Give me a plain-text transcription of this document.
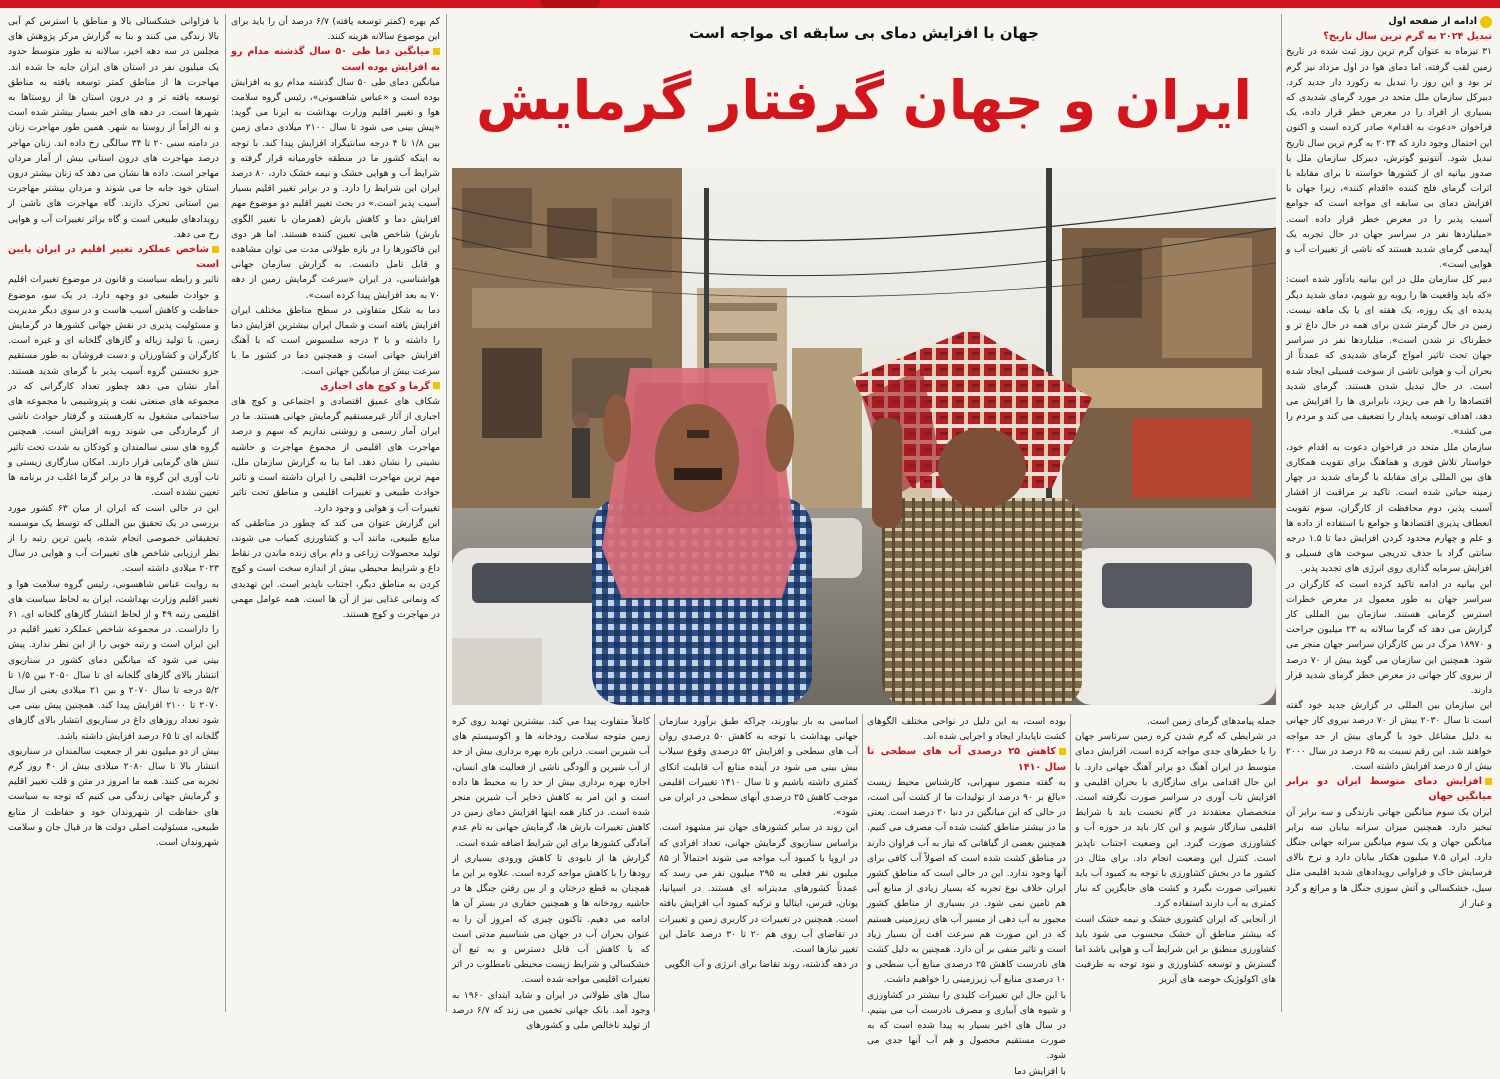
ادامه از صفحه اول

تبدیل ۲۰۲۴ به گرم ترین سال تاریخ؟

۳۱ تیرماه به عنوان گرم ترین روز ثبت شده در تاریخ زمین لقب گرفته، اما دمای هوا در اول مرداد نیز گرم تر بود و این روز را تبدیل به رکورد دار جدید کرد. دبیرکل سازمان ملل متحد در مورد گرمای شدیدی که بسیاری از افراد را در معرض خطر قرار داده، یک فراخوان «دعوت به اقدام» صادر کرده است و اکنون این احتمال وجود دارد که ۲۰۲۴ به گرم ترین سال تاریخ تبدیل شود. آنتونیو گوترش، دبیرکل سازمان ملل با صدور بیانیه ای از کشورها خواسته تا برای مقابله با اثرات گرمای فلج کننده «اقدام کنند»، زیرا جهان با افزایش دمای بی سابقه ای مواجه است که جوامع آسیب پذیر را در معرض خطر قرار داده است. «میلیاردها نفر در سراسر جهان در حال تجربه یک آپیدمی گرمای شدید هستند که ناشی از تغییرات آب و هوایی است».

دبیر کل سازمان ملل در این بیانیه یادآور شده است: «که باید واقعیت ها را روبه رو شویم، دمای شدید دیگر پدیده ای یک روزه، یک هفته ای یا یک ماهه نیست. زمین در حال گرمتر شدن برای همه در حال داغ تر و خطرناک تر شدن است». میلیاردها نفر در سراسر جهان تحت تاثیر امواج گرمای شدیدی که عمدتاً از بحران آب و هوایی ناشی از سوخت فسیلی ایجاد شده است. در حال تبدیل شدن هستند. گرمای شدید اقتصادها را هم می ریزد، نابرابری ها را افزایش می دهد، اهداف توسعه پایدار را تضعیف می کند و مردم را می کشد».

سازمان ملل متحد در فراخوان دعوت به اقدام خود، خواستار تلاش فوری و هماهنگ برای تقویت همکاری های بین المللی برای مقابله با گرمای شدید در چهار زمینه حیاتی شده است. تاکید بر مراقبت از اقشار آسیب پذیر، دوم محافظت از کارگران، سوم تقویت انعطاف پذیری اقتصادها و جوامع با استفاده از داده ها و علم و چهارم محدود کردن افزایش دما تا ۱.۵ درجه سانتی گراد با حذف تدریجی سوخت های فسیلی و افزایش سرمایه گذاری روی انرژی های تجدید پذیر.

این بیانیه در ادامه تاکید کرده است که کارگران در سراسر جهان به طور معمول در معرض خطرات استرس گرمایی هستند. سازمان بین المللی کار گزارش می دهد که گرما سالانه به ۲۳ میلیون جراحت و ۱۸۹۷۰ مرگ در بین کارگران سراسر جهان منجر می شود. همچنین این سازمان می گوید بیش از ۷۰ درصد از نیروی کار جهانی در معرض خطر گرمای شدید قرار دارند.

این سازمان بین المللی در گزارش جدید خود گفته است تا سال ۲۰۳۰ بیش از ۷۰ درصد نیروی کار جهانی به دلیل مشاغل خود با گرمای بیش از حد مواجه خواهند شد. این رقم نسبت به ۶۵ درصد در سال ۲۰۰۰ بیش از ۵ درصد افزایش داشته است.

افزایش دمای متوسط ایران دو برابر میانگین جهان

ایران یک سوم میانگین جهانی بارندگی و سه برابر آن تبخیر دارد. همچنین میزان سرانه بیابان سه برابر میانگین جهان و یک سوم میانگین سرانه جهانی جنگل دارد. ایران ۷.۵ میلیون هکتار بیابان دارد و نرخ بالای فرسایش خاک و فراوانی رویدادهای شدید اقلیمی مثل سیل، خشکسالی و آتش سوزی جنگل ها و مراتع و گرد و غبار از

جهان با افزایش دمای بی سابقه ای مواجه است
ایران و جهان گرفتار گرمایش

جمله پیامدهای گرمای زمین است.

در شرایطی که گرم شدن کره زمین سرتاسر جهان را با خطرهای جدی مواجه کرده است، افزایش دمای متوسط در ایران آهنگ دو برابر آهنگ جهانی دارد. با این حال اقدامی برای سازگاری با بحران اقلیمی و افزایش تاب آوری در سراسر صورت نگرفته است. متخصصان معتقدند در گام نخست باید با شرایط اقلیمی سازگار شویم و این کار باید در حوزه آب و کشاورزی صورت گیرد. این وضعیت اجتناب ناپذیر است. کنترل این وضعیت انجام داد. برای مثال در کشور ما در بخش کشاورزی با توجه به کمبود آب باید تغییراتی صورت بگیرد و کشت های جایگزین که نیاز کمتری به آب دارند استفاده کرد.

از آنجایی که ایران کشوری خشک و نیمه خشک است که بیشتر مناطق آن خشک محسوب می شود باید کشاورزی منطبق بر این شرایط آب و هوایی باشد اما گسترش و توسعه کشاورزی و نبود توجه به ظرفیت های اکولوژیک حوضه های آبریز

بوده است، به این دلیل در نواحی مختلف الگوهای کشت ناپایدار ایجاد و اجرایی شده اند.

کاهش ۲۵ درصدی آب های سطحی تا سال ۱۴۱۰

به گفته منصور سهرابی، کارشناس محیط زیست «بالغ بر ۹۰ درصد از تولیدات ما از کشت آبی است، در حالی که این میانگین در دنیا ۲۰ درصد است. یعنی ما در بیشتر مناطق کشت شده آب مصرف می کنیم. همچنین بعضی از گیاهانی که نیاز به آب فراوان دارند در مناطق کشت شده است که اصولاً آب کافی برای آنها وجود ندارد. این در حالی است که مناطق کشور ایران خلاف نوع تجربه که بسیار زیادی از منابع آبی هم تامین نمی شود. در بسیاری از مناطق کشور مجبور به آب دهی از مسیر آب های زیرزمینی هستیم که در این صورت هم سرعت افت آن بسیار زیاد است و تاثیر منفی بر آن دارد. همچنین به دلیل کشت های نادرست کاهش ۲۵ درصدی منابع آب سطحی و ۱۰ درصدی منابع آب زیرزمینی را خواهیم داشت.

با این حال این تغییرات کلیدی را بیشتر در کشاورزی و شیوه های آبیاری و مصرف نادرست آب می بینیم. در سال های اخیر بسیار به پیدا شده است که به صورت مستقیم محصول و هم آب آنها جدی می شود.

با افزایش دما

اساسی به بار بیاورند، چراکه طبق برآورد سازمان جهانی بهداشت با توجه به کاهش ۵۰ درصدی روان آب های سطحی و افزایش ۵۲ درصدی وقوع سیلاب بیش بینی می شود در آینده منابع آب قابلیت اتکای کمتری داشته باشیم و تا سال ۱۴۱۰ تغییرات اقلیمی موجب کاهش ۲۵ درصدی آبهای سطحی در ایران می شود».

این روند در سایر کشورهای جهان نیز مشهود است. براساس سناریوی گرمایش جهانی، تعداد افرادی که در اروپا با کمبود آب مواجه می شوند احتمالاً از ۸۵ میلیون نفر فعلی به ۲۹۵ میلیون نفر می رسد که عمدتاً کشورهای مدیترانه ای هستند. در اسپانیا، یونان، قبرس، ایتالیا و ترکیه کمبود آب افزایش یافته است. همچنین در تغییرات در کاربری زمین و تغییرات در تقاضای آب روی هم ۲۰ تا ۳۰ درصد عامل این تغییر نیازها است.

در دهه گذشته، روند تقاضا برای انرژی و آب الگویی

کاملاً متفاوت پیدا می کند. بیشترین تهدید روی کره زمین متوجه سلامت رودخانه ها و اکوسیستم های آب شیرین است. دراین باره بهره برداری بیش از حد از آب شیرین و آلودگی ناشی از فعالیت های انسان، اجازه بهره برداری بیش از حد را به محیط ها داده است و این امر به کاهش ذخایر آب شیرین منجر شده است. در کنار همه اینها افزایش دمای زمین در کاهش تغییرات بارش ها، گرمایش جهانی به نام عدم آمادگی کشورها برای این شرایط اضافه شده است.

گزارش ها از نابودی تا کاهش ورودی بسیاری از رودها را با کاهش مواجه کرده است. علاوه بر این ما همچنان به قطع درختان و از بین رفتن جنگل ها در حاشیه رودخانه ها و همچنین حفاری در بستر آن ها ادامه می دهیم. تاکنون چیزی که امروز آن را به عنوان بحران آب در جهان می شناسیم مدتی است که با کاهش آب قابل دسترس و به تبع آن خشکسالی و شرایط زیست محیطی نامطلوب در اثر تغییرات اقلیمی مواجه شده است.

سال های طولانی در ایران و شاید ابتدای ۱۹۶۰ به وجود آمد. بانک جهانی تخمین می زند که ۶/۷ درصد از تولید ناخالص ملی و کشورهای

کم بهره (کمتر توسعه یافته) ۶/۷ درصد آن را باید برای این موضوع سالانه هزینه کنند.

میانگین دما طی ۵۰ سال گذشته مدام رو به افزایش بوده است

میانگین دمای طی ۵۰ سال گذشته مدام رو به افزایش بوده است و «عباس شاهسونی»، رئیس گروه سلامت هوا و تغییر اقلیم وزارت بهداشت به ایرنا می گوید: «پیش بینی می شود تا سال ۲۱۰۰ میلادی دمای زمین بین ۱/۸ تا ۴ درجه سانتیگراد افزایش پیدا کند. با توجه به اینکه کشور ما در منطقه خاورمیانه قرار گرفته و شرایط آب و هوایی خشک و نیمه خشک دارد، ۸۰ درصد ایران این شرایط را دارد. و در برابر تغییر اقلیم بسیار آسیب پذیر است.» در بحث تغییر اقلیم دو موضوع مهم افزایش دما و کاهش بارش (همزمان با تغییر الگوی بارش) شاخص هایی تعیین کننده هستند. اما هر دوی این فاکتورها را در بازه طولانی مدت می توان مشاهده و قابل تامل دانست. به گزارش سازمان جهانی هواشناسی، در ایران «سرعت گرمایش زمین از دهه ۷۰ به بعد افزایش پیدا کرده است».

دما به شکل متفاوتی در سطح مناطق مختلف ایران افزایش یافته است و شمال ایران بیشترین افزایش دما را داشته و با ۲ درجه سلسیوس است که با آهنگ افزایش جهانی است و همچنین دما در کشور ما با سرعت بیش از میانگین جهانی است.

گرما و کوچ های اجباری

شکاف های عمیق اقتصادی و اجتماعی و کوچ های اجباری از آثار غیرمستقیم گرمایش جهانی هستند. ما در ایران آمار رسمی و روشنی نداریم که سهم و درصد مهاجرت های اقلیمی از مجموع مهاجرت و حاشیه نشینی را نشان دهد. اما بنا به گزارش سازمان ملل، مهم ترین مهاجرت اقلیمی را ایران داشته است و تاثیر حوادث طبیعی و تغییرات اقلیمی و مناطق تحت تاثیر تغییرات آب و هوایی و وجود دارد.

این گزارش عنوان می کند که چطور در مناطقی که منابع طبیعی، مانند آب و کشاورزی کمیاب می شوند، تولید محصولات زراعی و دام برای زنده ماندن در نقاط داغ و شرایط محیطی بیش از اندازه سخت است و کوچ کردن به مناطق دیگر، اجتناب ناپذیر است. این تهدیدی که ونمانی غذایی نیز از آن ها است. همه عوامل مهمی در مهاجرت و کوچ هستند.

با فراوانی خشکسالی بالا و مناطق با استرس کم آبی بالا زندگی می کنند و بنا به گزارش مرکز پژوهش های مجلس در سه دهه اخیر، سالانه به طور متوسط حدود یک میلیون نفر در استان های ایران جابه جا شده اند. مهاجرت ها از مناطق کمتر توسعه یافته به مناطق توسعه یافته تر و در درون استان ها از روستاها به شهرها است. در دهه های اخیر بسیار بیشتر شده است و نه الزاماً از روستا به شهر. همین طور مهاجرت زنان در دامنه سنی ۲۰ تا ۳۴ سالگی رخ داده اند. زنان مهاجر درصد مهاجرت های درون استانی بیش از آمار مردان مهاجر است. داده ها نشان می دهد که زنان بیشتر درون استان خود جابه جا می شوند و مردان بیشتر مهاجرت بین استانی تحرک دارند. گاه مهاجرت های ناشی از رویدادهای طبیعی است و گاه براثر تغییرات آب و هوایی رخ می دهد.

شاخص عملکرد تغییر اقلیم در ایران پایین است

تاثیر و رابطه سیاست و قانون در موضوع تغییرات اقلیم و حوادث طبیعی دو وجهه دارد. در یک سو، موضوع حفاظت و کاهش آسیب هاست و در سوی دیگر مدیریت و مسئولیت پذیری در نقش جهانی کشورها در گرمایش زمین. با تولید زباله و گازهای گلخانه ای و غیره است. کارگران و کشاورزان و دست فروشان به طور مستقیم جزو نخستین گروه آسیب پذیر با گرمای شدید هستند. آمار نشان می دهد چطور تعداد کارگرانی که در مجموعه های صنعتی نفت و پتروشیمی با مجموعه های ساختمانی مشغول به کارهستند و گرفتار حوادث ناشی از گرمازدگی می شوند روبه افزایش است. همچنین گروه های سنی سالمندان و کودکان به شدت تحت تاثیر تنش های گرمایی قرار دارند. امکان سازگاری زیستی و تاب آوری این گروه ها در برابر گرما اغلب در برنامه ها تعیین نشده است.

این در حالی است که ایران از میان ۶۳ کشور مورد بررسی در یک تحقیق بین المللی که توسط یک موسسه تحقیقاتی خصوصی انجام شده، پایین ترین رتبه را از نظر ارزیابی شاخص های تغییرات آب و هوایی در سال ۲۰۲۳ میلادی داشته است.

به روایت عباس شاهسونی، رئیس گروه سلامت هوا و تغییر اقلیم وزارت بهداشت، ایران به لحاظ سیاست های اقلیمی رتبه ۴۹ و از لحاظ انتشار گازهای گلخانه ای، ۶۱ را داراست. در مجموعه شاخص عملکرد تغییر اقلیم در این ایران است و رتبه خوبی را از این نظر ندارد. پیش بینی می شود که میانگین دمای کشور در سناریوی انتشار بالای گازهای گلخانه ای تا سال ۲۰۵۰ بین ۱/۵ تا ۵/۲ درجه تا سال ۲۰۷۰ و بین ۲۱ میلادی یعنی از سال ۲۰۷۰ تا ۲۱۰۰ افزایش پیدا کند. همچنین پیش بینی می شود تعداد روزهای داغ در سناریوی انتشار بالای گازهای گلخانه ای تا ۶۵ درصد افزایش داشته باشد.

بیش از دو میلیون نفر از جمعیت سالمندان در سناریوی انتشار بالا تا سال ۲۰۸۰ میلادی بیش از ۴۰ روز گرم تجربه می کنند. همه ما امروز در متن و قلب تغییر اقلیم و گرمایش جهانی زندگی می کنیم که توجه به سیاست های حفاظت از شهروندان خود و حفاظت از منابع طبیعی، مسئولیت اصلی دولت ها در قبال جان و سلامت شهروندان است.
